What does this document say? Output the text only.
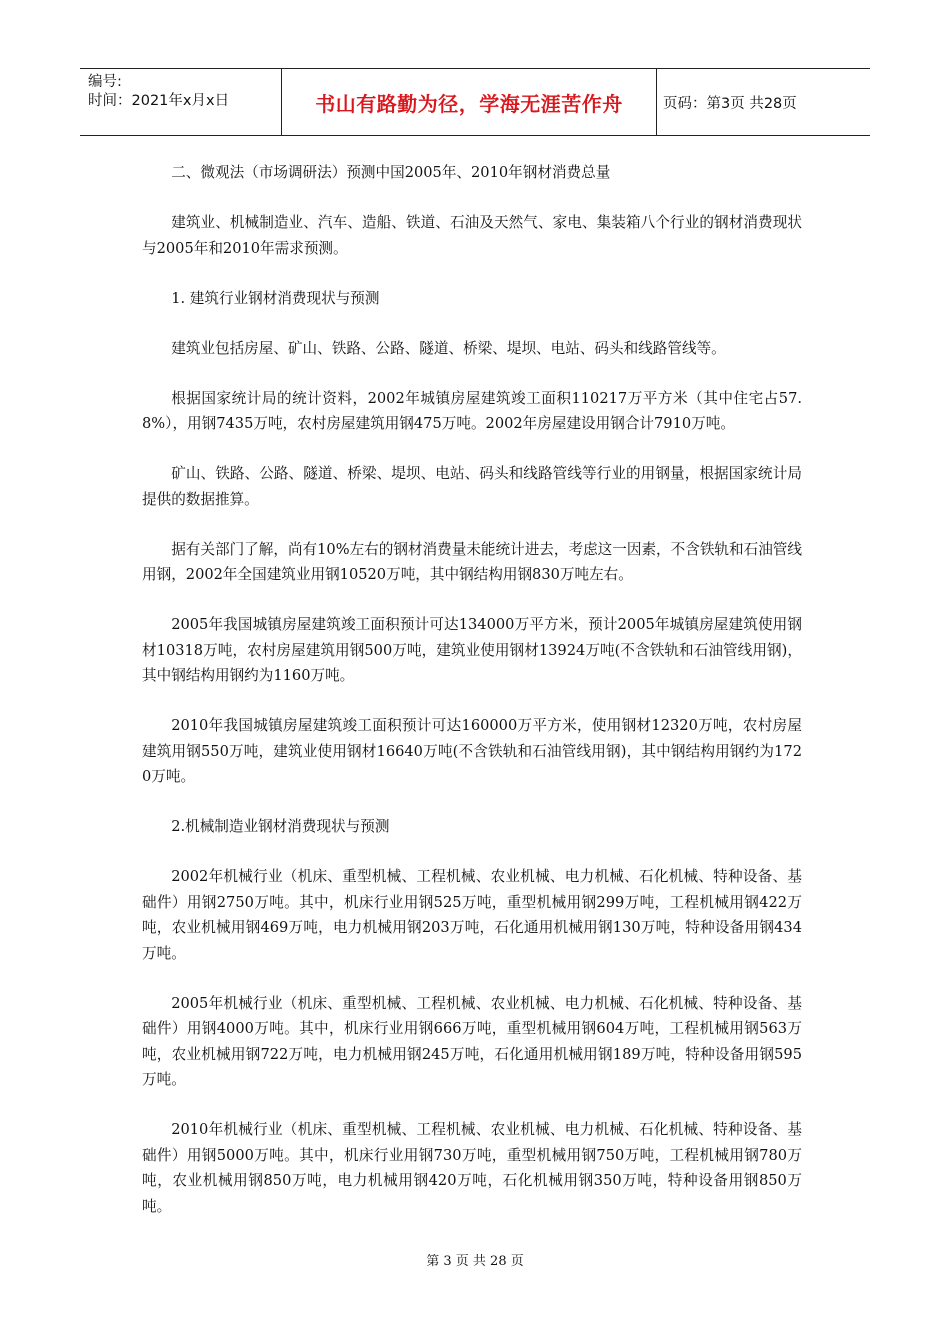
编号:
时间：2021年x月x日	书山有路勤为径，学海无涯苦作舟	页码：第3页 共28页

二、微观法（市场调研法）预测中国2005年、2010年钢材消费总量

建筑业、机械制造业、汽车、造船、铁道、石油及天然气、家电、集装箱八个行业的钢材消费现状与2005年和2010年需求预测。

1. 建筑行业钢材消费现状与预测

建筑业包括房屋、矿山、铁路、公路、隧道、桥梁、堤坝、电站、码头和线路管线等。

根据国家统计局的统计资料，2002年城镇房屋建筑竣工面积110217万平方米（其中住宅占57.8%），用钢7435万吨，农村房屋建筑用钢475万吨。2002年房屋建设用钢合计7910万吨。

矿山、铁路、公路、隧道、桥梁、堤坝、电站、码头和线路管线等行业的用钢量，根据国家统计局提供的数据推算。

据有关部门了解，尚有10%左右的钢材消费量未能统计进去，考虑这一因素，不含铁轨和石油管线用钢，2002年全国建筑业用钢10520万吨，其中钢结构用钢830万吨左右。

2005年我国城镇房屋建筑竣工面积预计可达134000万平方米，预计2005年城镇房屋建筑使用钢材10318万吨，农村房屋建筑用钢500万吨，建筑业使用钢材13924万吨(不含铁轨和石油管线用钢)，其中钢结构用钢约为1160万吨。

2010年我国城镇房屋建筑竣工面积预计可达160000万平方米，使用钢材12320万吨，农村房屋建筑用钢550万吨，建筑业使用钢材16640万吨(不含铁轨和石油管线用钢)，其中钢结构用钢约为1720万吨。

2.机械制造业钢材消费现状与预测

2002年机械行业（机床、重型机械、工程机械、农业机械、电力机械、石化机械、特种设备、基础件）用钢2750万吨。其中，机床行业用钢525万吨，重型机械用钢299万吨，工程机械用钢422万吨，农业机械用钢469万吨，电力机械用钢203万吨，石化通用机械用钢130万吨，特种设备用钢434万吨。

2005年机械行业（机床、重型机械、工程机械、农业机械、电力机械、石化机械、特种设备、基础件）用钢4000万吨。其中，机床行业用钢666万吨，重型机械用钢604万吨，工程机械用钢563万吨，农业机械用钢722万吨，电力机械用钢245万吨，石化通用机械用钢189万吨，特种设备用钢595万吨。

2010年机械行业（机床、重型机械、工程机械、农业机械、电力机械、石化机械、特种设备、基础件）用钢5000万吨。其中，机床行业用钢730万吨，重型机械用钢750万吨，工程机械用钢780万吨，农业机械用钢850万吨，电力机械用钢420万吨，石化机械用钢350万吨，特种设备用钢850万吨。

第 3 页 共 28 页
